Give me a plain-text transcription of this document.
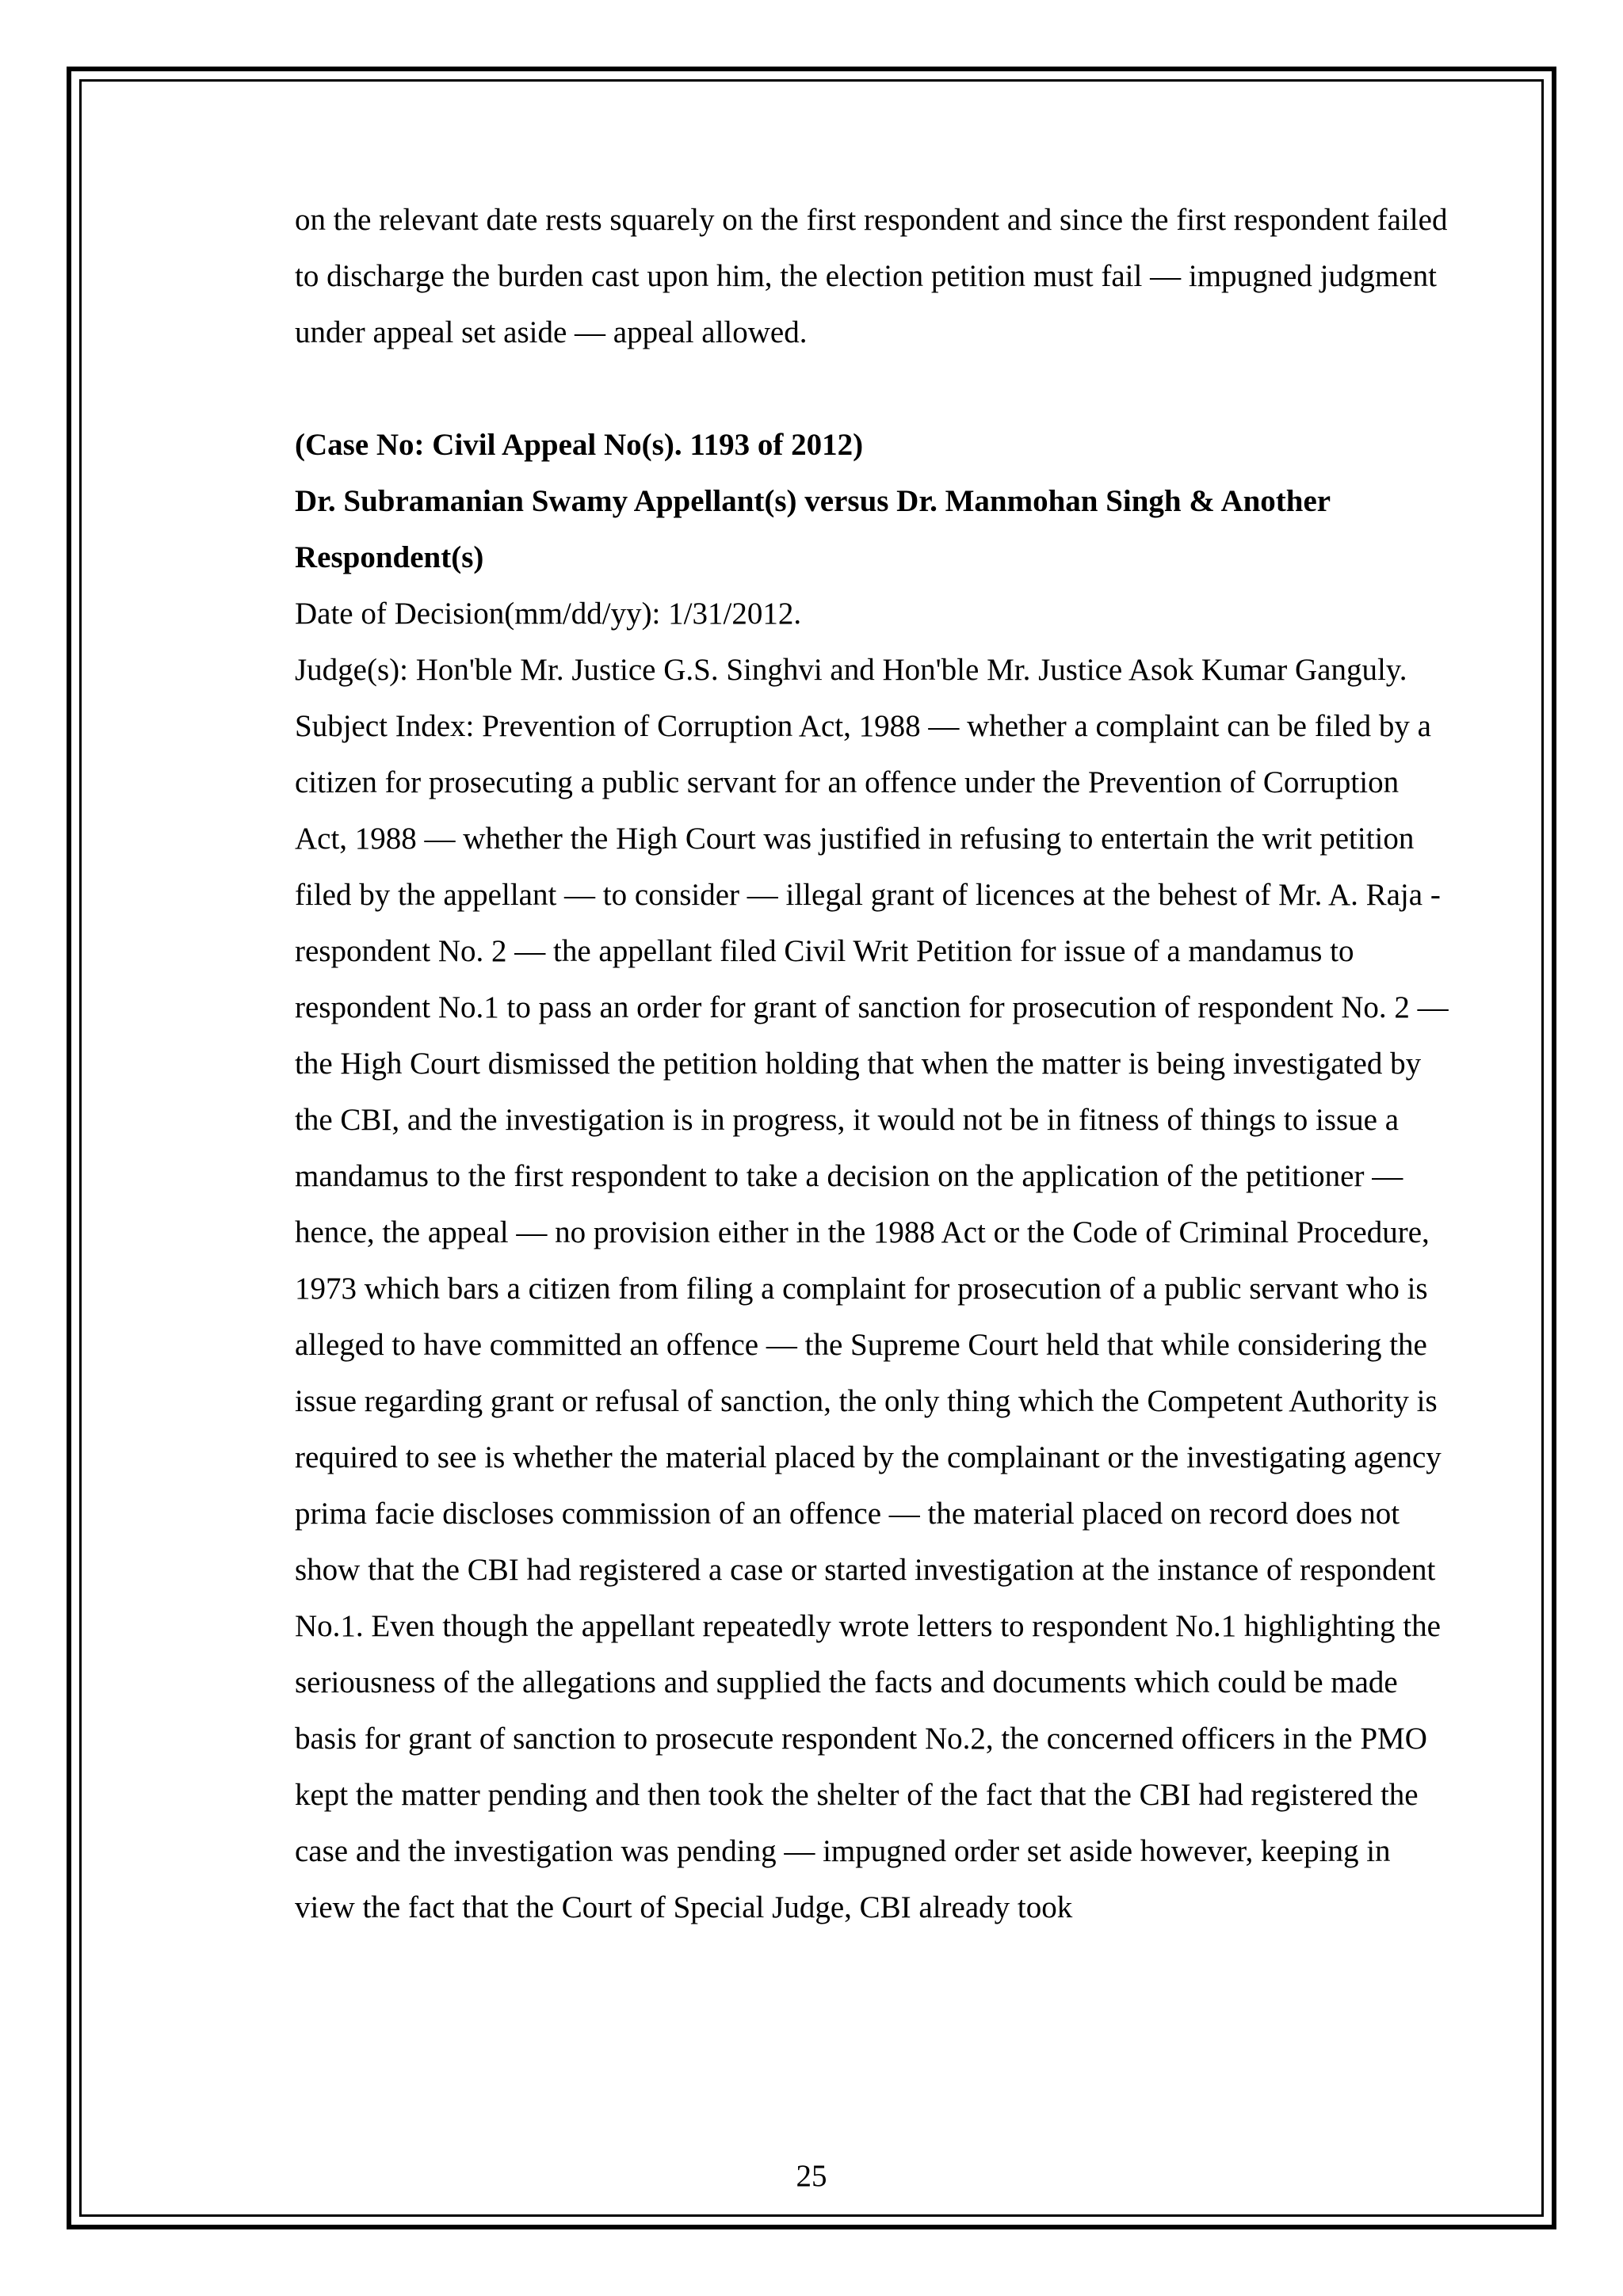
on the relevant date rests squarely on the first respondent and since the first respondent failed to discharge the burden cast upon him, the election petition must fail — impugned judgment under appeal set aside — appeal allowed.

(Case No: Civil Appeal No(s). 1193 of 2012)

Dr. Subramanian Swamy Appellant(s) versus Dr. Manmohan Singh & Another Respondent(s)

Date of Decision(mm/dd/yy): 1/31/2012.

Judge(s): Hon'ble Mr. Justice G.S. Singhvi and Hon'ble Mr. Justice Asok Kumar Ganguly.

Subject Index: Prevention of Corruption Act, 1988 — whether a complaint can be filed by a citizen for prosecuting a public servant for an offence under the Prevention of Corruption Act, 1988 — whether the High Court was justified in refusing to entertain the writ petition filed by the appellant — to consider — illegal grant of licences at the behest of Mr. A. Raja - respondent No. 2 — the appellant filed Civil Writ Petition for issue of a mandamus to respondent No.1 to pass an order for grant of sanction for prosecution of respondent No. 2 — the High Court dismissed the petition holding that when the matter is being investigated by the CBI, and the investigation is in progress, it would not be in fitness of things to issue a mandamus to the first respondent to take a decision on the application of the petitioner — hence, the appeal — no provision either in the 1988 Act or the Code of Criminal Procedure, 1973 which bars a citizen from filing a complaint for prosecution of a public servant who is alleged to have committed an offence — the Supreme Court held that while considering the issue regarding grant or refusal of sanction, the only thing which the Competent Authority is required to see is whether the material placed by the complainant or the investigating agency prima facie discloses commission of an offence — the material placed on record does not show that the CBI had registered a case or started investigation at the instance of respondent No.1. Even though the appellant repeatedly wrote letters to respondent No.1 highlighting the seriousness of the allegations and supplied the facts and documents which could be made basis for grant of sanction to prosecute respondent No.2, the concerned officers in the PMO kept the matter pending and then took the shelter of the fact that the CBI had registered the case and the investigation was pending — impugned order set aside however, keeping in view the fact that the Court of Special Judge, CBI already took

25
